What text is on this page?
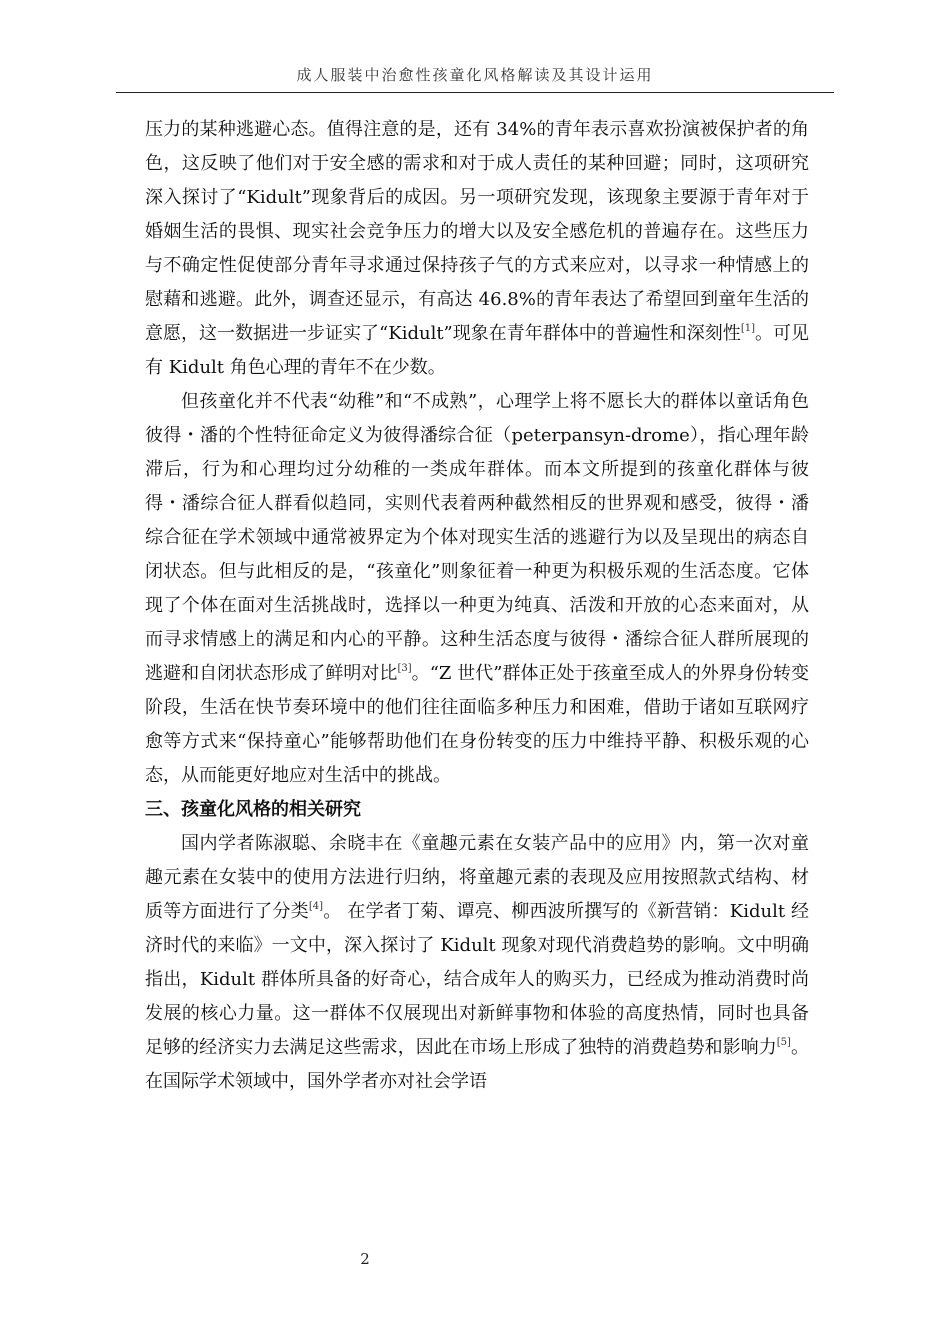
成人服装中治愈性孩童化风格解读及其设计运用

压力的某种逃避心态。值得注意的是，还有 34%的青年表示喜欢扮演被保护者的角色，这反映了他们对于安全感的需求和对于成人责任的某种回避；同时，这项研究深入探讨了“Kidult”现象背后的成因。另一项研究发现，该现象主要源于青年对于婚姻生活的畏惧、现实社会竞争压力的增大以及安全感危机的普遍存在。这些压力与不确定性促使部分青年寻求通过保持孩子气的方式来应对，以寻求一种情感上的慰藉和逃避。此外，调查还显示，有高达 46.8%的青年表达了希望回到童年生活的意愿，这一数据进一步证实了“Kidult”现象在青年群体中的普遍性和深刻性[1]。可见有 Kidult 角色心理的青年不在少数。

但孩童化并不代表“幼稚”和“不成熟”，心理学上将不愿长大的群体以童话角色彼得・潘的个性特征命定义为彼得潘综合征（peterpansyn-drome），指心理年龄滞后，行为和心理均过分幼稚的一类成年群体。而本文所提到的孩童化群体与彼得・潘综合征人群看似趋同，实则代表着两种截然相反的世界观和感受，彼得・潘综合征在学术领域中通常被界定为个体对现实生活的逃避行为以及呈现出的病态自闭状态。但与此相反的是，“孩童化”则象征着一种更为积极乐观的生活态度。它体现了个体在面对生活挑战时，选择以一种更为纯真、活泼和开放的心态来面对，从而寻求情感上的满足和内心的平静。这种生活态度与彼得・潘综合征人群所展现的逃避和自闭状态形成了鲜明对比[3]。“Z 世代”群体正处于孩童至成人的外界身份转变阶段，生活在快节奏环境中的他们往往面临多种压力和困难，借助于诸如互联网疗愈等方式来“保持童心”能够帮助他们在身份转变的压力中维持平静、积极乐观的心态，从而能更好地应对生活中的挑战。

三、孩童化风格的相关研究

国内学者陈淑聪、余晓丰在《童趣元素在女装产品中的应用》内，第一次对童趣元素在女装中的使用方法进行归纳，将童趣元素的表现及应用按照款式结构、材质等方面进行了分类[4]。 在学者丁菊、谭亮、柳西波所撰写的《新营销：Kidult 经济时代的来临》一文中，深入探讨了 Kidult 现象对现代消费趋势的影响。文中明确指出，Kidult 群体所具备的好奇心，结合成年人的购买力，已经成为推动消费时尚发展的核心力量。这一群体不仅展现出对新鲜事物和体验的高度热情，同时也具备足够的经济实力去满足这些需求，因此在市场上形成了独特的消费趋势和影响力[5]。在国际学术领域中，国外学者亦对社会学语

2
